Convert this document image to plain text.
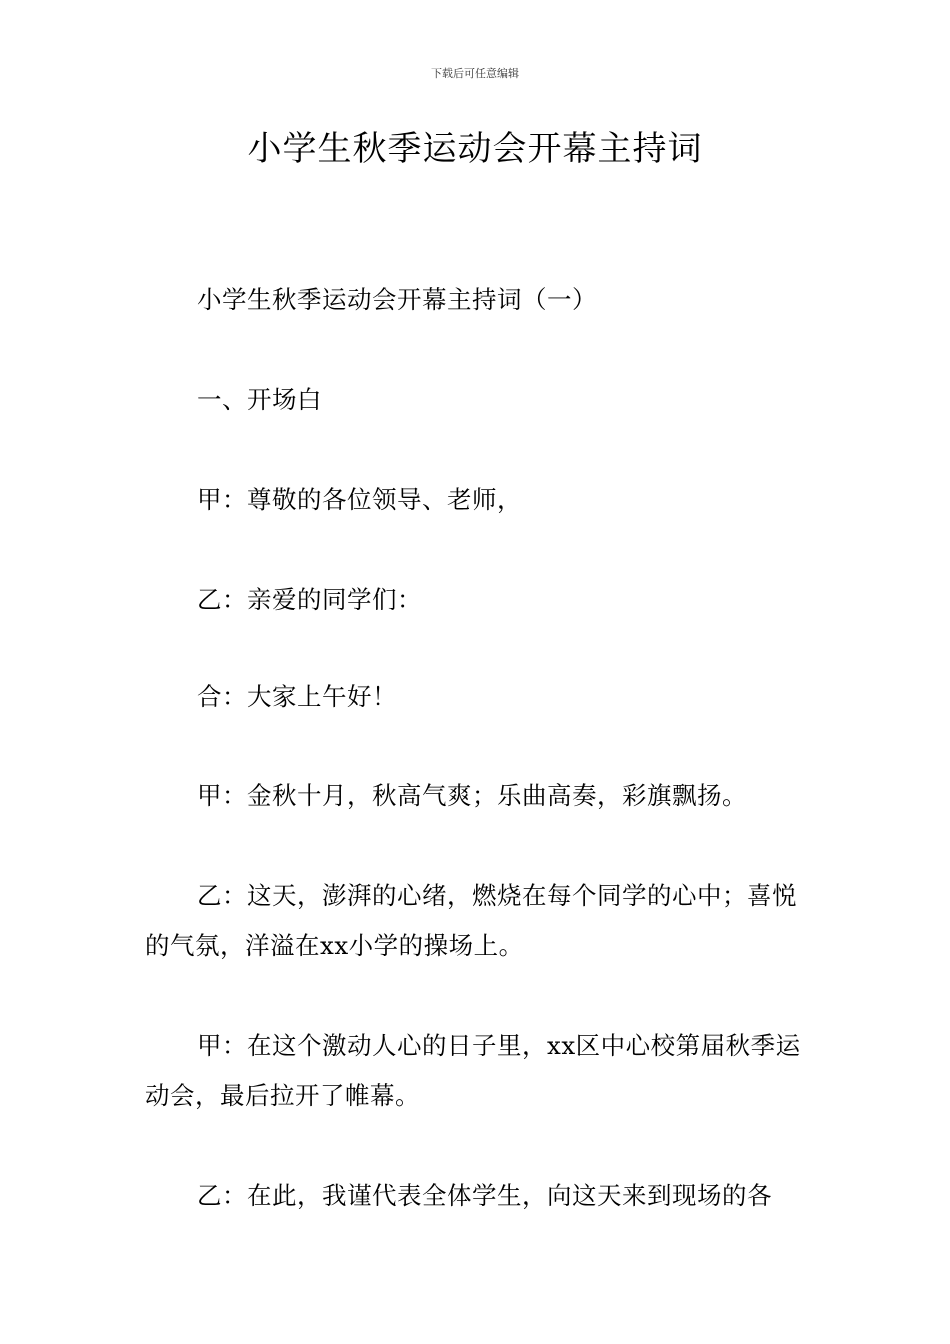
下载后可任意编辑
小学生秋季运动会开幕主持词

小学生秋季运动会开幕主持词（一）

一、开场白

甲：尊敬的各位领导、老师，

乙：亲爱的同学们：

合：大家上午好！

甲：金秋十月，秋高气爽；乐曲高奏，彩旗飘扬。

乙：这天，澎湃的心绪，燃烧在每个同学的心中；喜悦的气氛，洋溢在xx小学的操场上。

甲：在这个激动人心的日子里，xx区中心校第届秋季运动会，最后拉开了帷幕。

乙：在此，我谨代表全体学生，向这天来到现场的各
